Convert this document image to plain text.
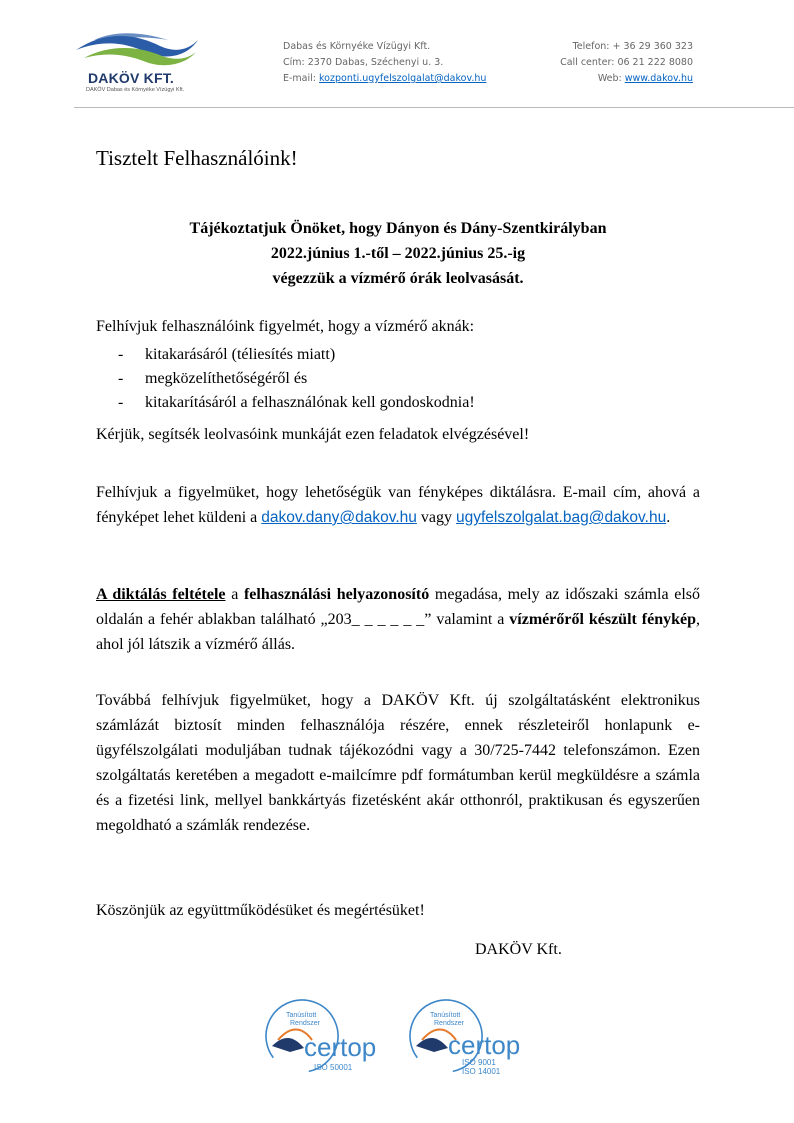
DAKÖV KFT.
DAKÖV Dabas és Környéke Vízügyi Kft.
Dabas és Környéke Vízügyi Kft.
Cím: 2370 Dabas, Széchenyi u. 3.
E-mail: kozponti.ugyfelszolgalat@dakov.hu
Telefon: + 36 29 360 323
Call center: 06 21 222 8080
Web: www.dakov.hu
Tisztelt Felhasználóink!
Tájékoztatjuk Önöket, hogy Dányon és Dány-Szentkirályban
2022.június 1.-től – 2022.június 25.-ig
végezzük a vízmérő órák leolvasását.
Felhívjuk felhasználóink figyelmét, hogy a vízmérő aknák:
- kitakarásáról (téliesítés miatt)
- megközelíthetőségéről és
- kitakarításáról a felhasználónak kell gondoskodnia!
Kérjük, segítsék leolvasóink munkáját ezen feladatok elvégzésével!
Felhívjuk a figyelmüket, hogy lehetőségük van fényképes diktálásra. E-mail cím, ahová a fényképet lehet küldeni a dakov.dany@dakov.hu vagy ugyfelszolgalat.bag@dakov.hu.
A diktálás feltétele a felhasználási helyazonosító megadása, mely az időszaki számla első oldalán a fehér ablakban található „203_ _ _ _ _ _” valamint a vízmérőről készült fénykép, ahol jól látszik a vízmérő állás.
Továbbá felhívjuk figyelmüket, hogy a DAKÖV Kft. új szolgáltatásként elektronikus számlázát biztosít minden felhasználója részére, ennek részleteiről honlapunk e-ügyfélszolgálati moduljában tudnak tájékozódni vagy a 30/725-7442 telefonszámon. Ezen szolgáltatás keretében a megadott e-mailcímre pdf formátumban kerül megküldésre a számla és a fizetési link, mellyel bankkártyás fizetésként akár otthonról, praktikusan és egyszerűen megoldható a számlák rendezése.
Köszönjük az együttműködésüket és megértésüket!
DAKÖV Kft.
Tanúsított
Rendszer
certop
ISO 50001
Tanúsított
Rendszer
certop
ISO 9001
ISO 14001
